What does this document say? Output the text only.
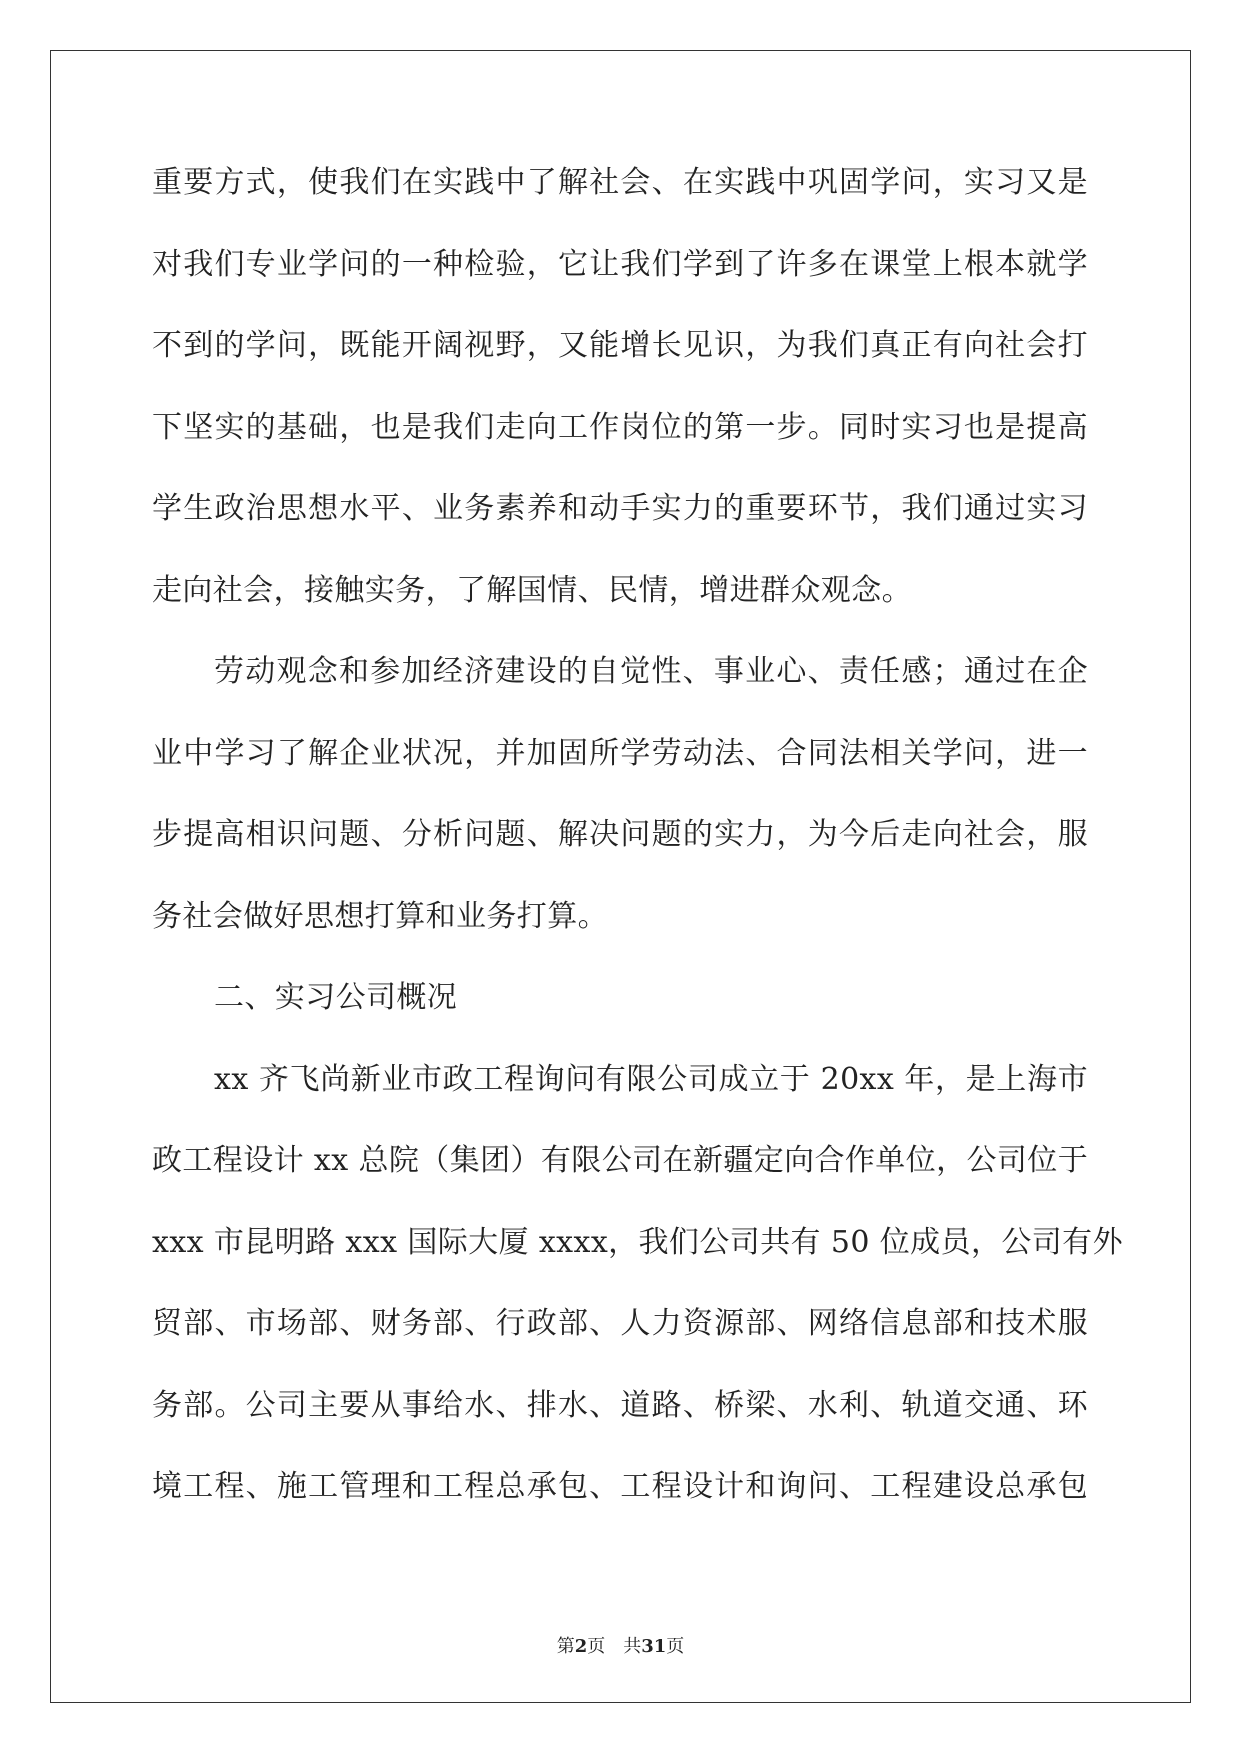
重要方式，使我们在实践中了解社会、在实践中巩固学问，实习又是
对我们专业学问的一种检验，它让我们学到了许多在课堂上根本就学
不到的学问，既能开阔视野，又能增长见识，为我们真正有向社会打
下坚实的基础，也是我们走向工作岗位的第一步。同时实习也是提高
学生政治思想水平、业务素养和动手实力的重要环节，我们通过实习
走向社会，接触实务，了解国情、民情，增进群众观念。
劳动观念和参加经济建设的自觉性、事业心、责任感；通过在企
业中学习了解企业状况，并加固所学劳动法、合同法相关学问，进一
步提高相识问题、分析问题、解决问题的实力，为今后走向社会，服
务社会做好思想打算和业务打算。
二、实习公司概况
xx 齐飞尚新业市政工程询问有限公司成立于 20xx 年，是上海市
政工程设计 xx 总院（集团）有限公司在新疆定向合作单位，公司位于
xxx 市昆明路 xxx 国际大厦 xxxx，我们公司共有 50 位成员，公司有外
贸部、市场部、财务部、行政部、人力资源部、网络信息部和技术服
务部。公司主要从事给水、排水、道路、桥梁、水利、轨道交通、环
境工程、施工管理和工程总承包、工程设计和询问、工程建设总承包
第2页　共31页
